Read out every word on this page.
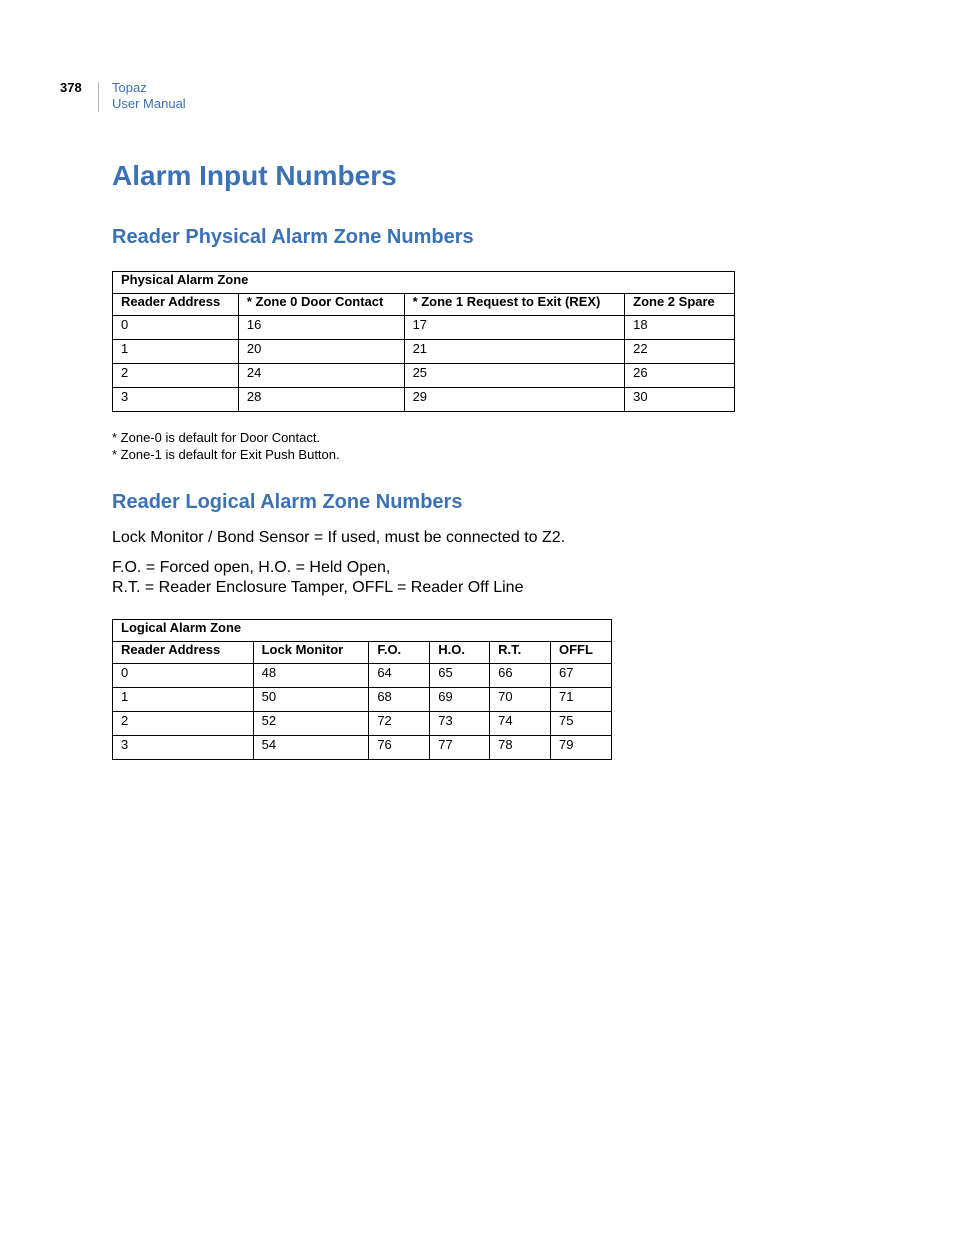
378 Topaz
User Manual
Alarm Input Numbers
Reader Physical Alarm Zone Numbers
Physical Alarm Zone			
Reader Address	* Zone 0 Door Contact	* Zone 1 Request to Exit (REX)	Zone 2 Spare
0	16	17	18
1	20	21	22
2	24	25	26
3	28	29	30
* Zone-0 is default for Door Contact.
* Zone-1 is default for Exit Push Button.
Reader Logical Alarm Zone Numbers
Lock Monitor / Bond Sensor = If used, must be connected to Z2.
F.O. = Forced open, H.O. = Held Open,
R.T. = Reader Enclosure Tamper, OFFL = Reader Off Line
Logical Alarm Zone					
Reader Address	Lock Monitor	F.O.	H.O.	R.T.	OFFL
0	48	64	65	66	67
1	50	68	69	70	71
2	52	72	73	74	75
3	54	76	77	78	79
